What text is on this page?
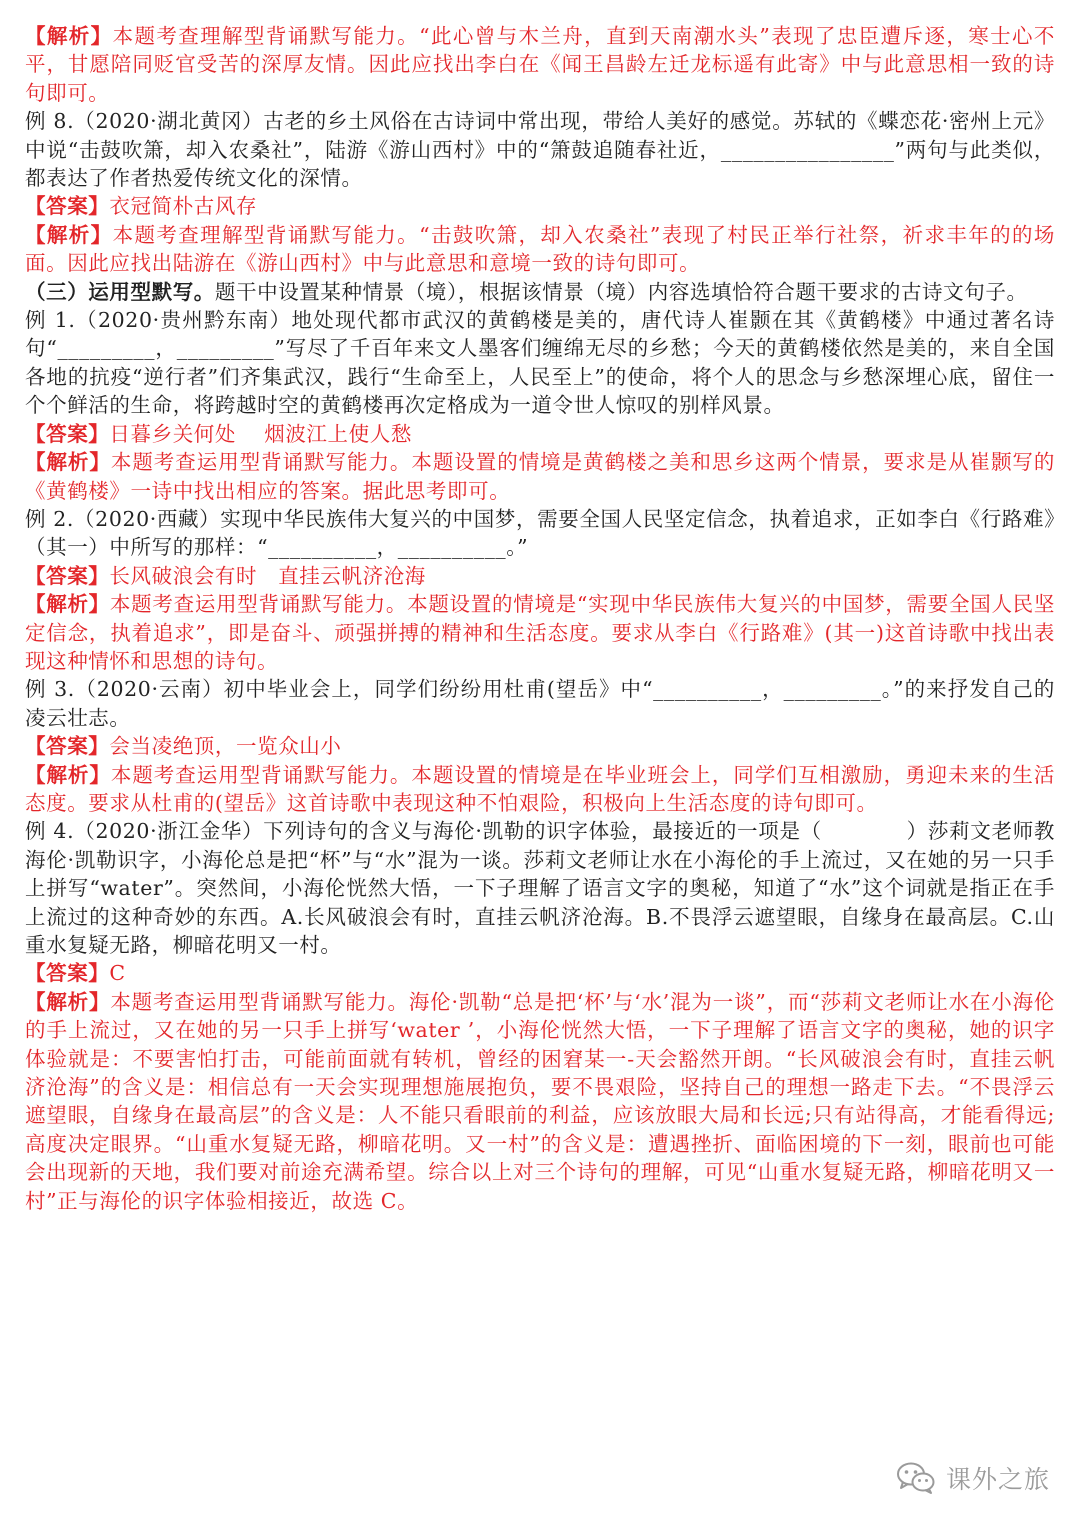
【解析】本题考查理解型背诵默写能力。“此心曾与木兰舟，直到天南潮水头”表现了忠臣遭斥逐，寒士心不平，甘愿陪同贬官受苦的深厚友情。因此应找出李白在《闻王昌龄左迁龙标遥有此寄》中与此意思相一致的诗句即可。

例 8.（2020·湖北黄冈）古老的乡土风俗在古诗词中常出现，带给人美好的感觉。苏轼的《蝶恋花·密州上元》中说“击鼓吹箫，却入农桑社”，陆游《游山西村》中的“箫鼓追随春社近，________________”两句与此类似，都表达了作者热爱传统文化的深情。

【答案】衣冠简朴古风存

【解析】本题考查理解型背诵默写能力。“击鼓吹箫，却入农桑社”表现了村民正举行社祭，祈求丰年的的场面。因此应找出陆游在《游山西村》中与此意思和意境一致的诗句即可。

（三）运用型默写。题干中设置某种情景（境），根据该情景（境）内容选填恰符合题干要求的古诗文句子。

例 1.（2020·贵州黔东南）地处现代都市武汉的黄鹤楼是美的，唐代诗人崔颢在其《黄鹤楼》中通过著名诗句“_________，_________”写尽了千百年来文人墨客们缠绵无尽的乡愁；今天的黄鹤楼依然是美的，来自全国各地的抗疫“逆行者”们齐集武汉，践行“生命至上，人民至上”的使命，将个人的思念与乡愁深埋心底，留住一个个鲜活的生命，将跨越时空的黄鹤楼再次定格成为一道令世人惊叹的别样风景。

【答案】日暮乡关何处　 烟波江上使人愁

【解析】本题考查运用型背诵默写能力。本题设置的情境是黄鹤楼之美和思乡这两个情景，要求是从崔颢写的《黄鹤楼》一诗中找出相应的答案。据此思考即可。

例 2.（2020·西藏）实现中华民族伟大复兴的中国梦，需要全国人民坚定信念，执着追求，正如李白《行路难》（其一）中所写的那样：“__________，__________。”

【答案】长风破浪会有时　直挂云帆济沧海

【解析】本题考查运用型背诵默写能力。本题设置的情境是“实现中华民族伟大复兴的中国梦，需要全国人民坚定信念，执着追求”，即是奋斗、顽强拼搏的精神和生活态度。要求从李白《行路难》(其一)这首诗歌中找出表现这种情怀和思想的诗句。

例 3.（2020·云南）初中毕业会上，同学们纷纷用杜甫(望岳》中“__________，_________。”的来抒发自己的凌云壮志。

【答案】会当凌绝顶，一览众山小

【解析】本题考查运用型背诵默写能力。本题设置的情境是在毕业班会上，同学们互相激励，勇迎未来的生活态度。要求从杜甫的(望岳》这首诗歌中表现这种不怕艰险，积极向上生活态度的诗句即可。

例 4.（2020·浙江金华）下列诗句的含义与海伦·凯勒的识字体验，最接近的一项是（　　　　）莎莉文老师教海伦·凯勒识字，小海伦总是把“杯”与“水”混为一谈。莎莉文老师让水在小海伦的手上流过，又在她的另一只手上拼写“water”。突然间，小海伦恍然大悟，一下子理解了语言文字的奥秘，知道了“水”这个词就是指正在手上流过的这种奇妙的东西。A.长风破浪会有时，直挂云帆济沧海。B.不畏浮云遮望眼，自缘身在最高层。C.山重水复疑无路，柳暗花明又一村。

【答案】C

【解析】本题考查运用型背诵默写能力。海伦·凯勒“总是把‘杯’与‘水’混为一谈”，而“莎莉文老师让水在小海伦的手上流过，又在她的另一只手上拼写‘water ’，小海伦恍然大悟，一下子理解了语言文字的奥秘，她的识字体验就是：不要害怕打击，可能前面就有转机，曾经的困窘某一-天会豁然开朗。“长风破浪会有时，直挂云帆济沧海”的含义是：相信总有一天会实现理想施展抱负，要不畏艰险，坚持自己的理想一路走下去。“不畏浮云遮望眼，自缘身在最高层”的含义是：人不能只看眼前的利益，应该放眼大局和长远;只有站得高，才能看得远;高度决定眼界。“山重水复疑无路，柳暗花明。又一村”的含义是：遭遇挫折、面临困境的下一刻，眼前也可能会出现新的天地，我们要对前途充满希望。综合以上对三个诗句的理解，可见“山重水复疑无路，柳暗花明又一村”正与海伦的识字体验相接近，故选 C。

课外之旅
